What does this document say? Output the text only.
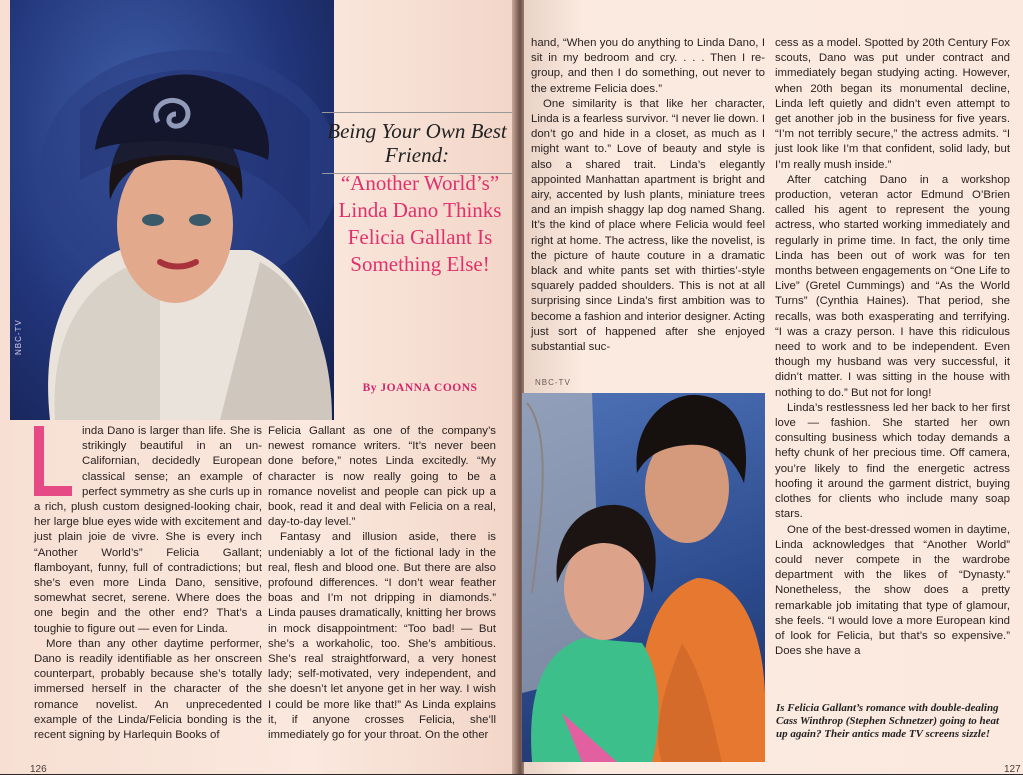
NBC-TV
Being Your Own Best Friend:
“Another World’s” Linda Dano Thinks Felicia Gallant Is Something Else!
By JOANNA COONS

inda Dano is larger than life. She is strikingly beautiful in an un-Californian, decidedly European classical sense; an example of perfect symmetry as she curls up in a rich, plush custom designed-looking chair, her large blue eyes wide with excitement and just plain joie de vivre. She is every inch “Another World’s” Felicia Gallant; flamboyant, funny, full of contradictions; but she’s even more Linda Dano, sensitive, somewhat secret, serene. Where does the one begin and the other end? That’s a toughie to figure out — even for Linda.

More than any other daytime performer, Dano is readily identifiable as her onscreen counterpart, probably because she’s totally immersed herself in the character of the romance novelist. An unprecedented example of the Linda/Felicia bonding is the recent signing by Harlequin Books of

Felicia Gallant as one of the company’s newest romance writers. “It’s never been done before,” notes Linda excitedly. “My character is now really going to be a romance novelist and people can pick up a book, read it and deal with Felicia on a real, day-to-day level.”

Fantasy and illusion aside, there is undeniably a lot of the fictional lady in the real, flesh and blood one. But there are also profound differences. “I don’t wear feather boas and I’m not dripping in diamonds.” Linda pauses dramatically, knitting her brows in mock disappointment: “Too bad! — But she’s a workaholic, too. She’s ambitious. She’s real straightforward, a very honest lady; self-motivated, very independent, and she doesn’t let anyone get in her way. I wish I could be more like that!” As Linda explains it, if anyone crosses Felicia, she’ll immediately go for your throat. On the other

hand, “When you do anything to Linda Dano, I sit in my bedroom and cry. . . . Then I re-group, and then I do something, out never to the extreme Felicia does.”

One similarity is that like her character, Linda is a fearless survivor. “I never lie down. I don’t go and hide in a closet, as much as I might want to.” Love of beauty and style is also a shared trait. Linda’s elegantly appointed Manhattan apartment is bright and airy, accented by lush plants, miniature trees and an impish shaggy lap dog named Shang. It’s the kind of place where Felicia would feel right at home. The actress, like the novelist, is the picture of haute couture in a dramatic black and white pants set with thirties’-style squarely padded shoulders. This is not at all surprising since Linda’s first ambition was to become a fashion and interior designer. Acting just sort of happened after she enjoyed substantial suc-

NBC-TV

cess as a model. Spotted by 20th Century Fox scouts, Dano was put under contract and immediately began studying acting. However, when 20th began its monumental decline, Linda left quietly and didn’t even attempt to get another job in the business for five years. “I’m not terribly secure,” the actress admits. “I just look like I’m that confident, solid lady, but I’m really mush inside.”

After catching Dano in a workshop production, veteran actor Edmund O’Brien called his agent to represent the young actress, who started working immediately and regularly in prime time. In fact, the only time Linda has been out of work was for ten months between engagements on “One Life to Live” (Gretel Cummings) and “As the World Turns” (Cynthia Haines). That period, she recalls, was both exasperating and terrifying. “I was a crazy person. I have this ridiculous need to work and to be independent. Even though my husband was very successful, it didn’t matter. I was sitting in the house with nothing to do.” But not for long!

Linda’s restlessness led her back to her first love — fashion. She started her own consulting business which today demands a hefty chunk of her precious time. Off camera, you’re likely to find the energetic actress hoofing it around the garment district, buying clothes for clients who include many soap stars.

One of the best-dressed women in daytime, Linda acknowledges that “Another World” could never compete in the wardrobe department with the likes of “Dynasty.” Nonetheless, the show does a pretty remarkable job imitating that type of glamour, she feels. “I would love a more European kind of look for Felicia, but that’s so expensive.” Does she have a

Is Felicia Gallant’s romance with double-dealing Cass Winthrop (Stephen Schnetzer) going to heat up again? Their antics made TV screens sizzle!
126	127
